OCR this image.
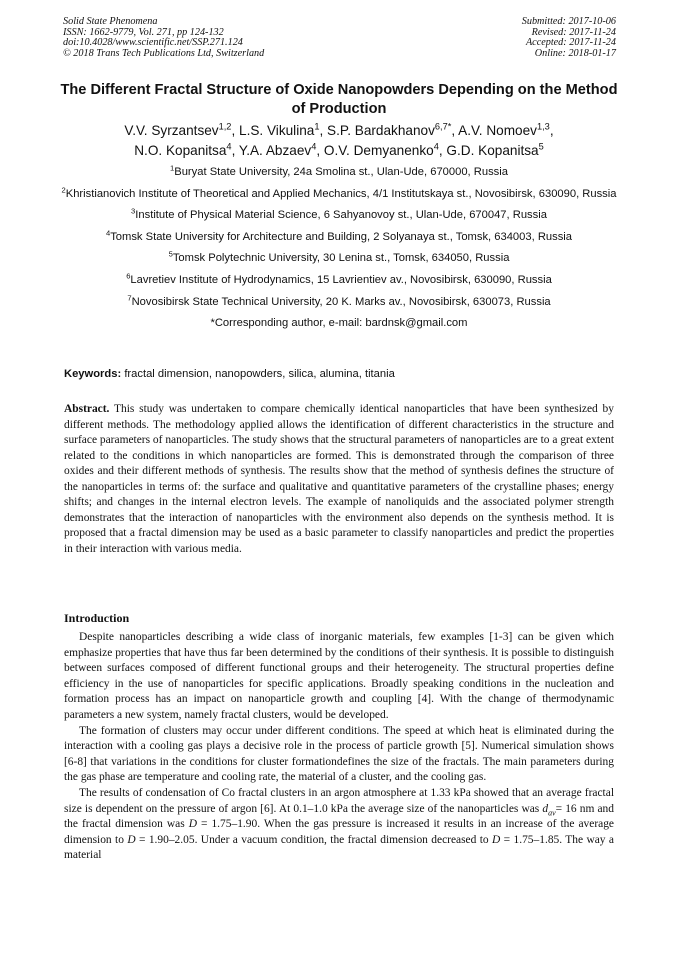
Solid State Phenomena
ISSN: 1662-9779, Vol. 271, pp 124-132
doi:10.4028/www.scientific.net/SSP.271.124
© 2018 Trans Tech Publications Ltd, Switzerland
Submitted: 2017-10-06
Revised: 2017-11-24
Accepted: 2017-11-24
Online: 2018-01-17
The Different Fractal Structure of Oxide Nanopowders Depending on the Method of Production
V.V. Syrzantsev$^{1,2}$, L.S. Vikulina$^1$, S.P. Bardakhanov$^{6,7*}$, A.V. Nomoev$^{1,3}$,
N.O. Kopanitsa$^4$, Y.A. Abzaev$^4$, O.V. Demyanenko$^4$, G.D. Kopanitsa$^5$
$^1$Buryat State University, 24a Smolina st., Ulan-Ude, 670000, Russia
$^2$Khristianovich Institute of Theoretical and Applied Mechanics, 4/1 Institutskaya st., Novosibirsk, 630090, Russia
$^3$Institute of Physical Material Science, 6 Sahyanovoy st., Ulan-Ude, 670047, Russia
$^4$Tomsk State University for Architecture and Building, 2 Solyanaya st., Tomsk, 634003, Russia
$^5$Tomsk Polytechnic University, 30 Lenina st., Tomsk, 634050, Russia
$^6$Lavretiev Institute of Hydrodynamics, 15 Lavrientiev av., Novosibirsk, 630090, Russia
$^7$Novosibirsk State Technical University, 20 K. Marks av., Novosibirsk, 630073, Russia
*Corresponding author, e-mail: bardnsk@gmail.com
Keywords: fractal dimension, nanopowders, silica, alumina, titania
Abstract. This study was undertaken to compare chemically identical nanoparticles that have been synthesized by different methods. The methodology applied allows the identification of different characteristics in the structure and surface parameters of nanoparticles. The study shows that the structural parameters of nanoparticles are to a great extent related to the conditions in which nanoparticles are formed. This is demonstrated through the comparison of three oxides and their different methods of synthesis. The results show that the method of synthesis defines the structure of the nanoparticles in terms of: the surface and qualitative and quantitative parameters of the crystalline phases; energy shifts; and changes in the internal electron levels. The example of nanoliquids and the associated polymer strength demonstrates that the interaction of nanoparticles with the environment also depends on the synthesis method. It is proposed that a fractal dimension may be used as a basic parameter to classify nanoparticles and predict the properties in their interaction with various media.
Introduction

Despite nanoparticles describing a wide class of inorganic materials, few examples [1-3] can be given which emphasize properties that have thus far been determined by the conditions of their synthesis. It is possible to distinguish between surfaces composed of different functional groups and their heterogeneity. The structural properties define efficiency in the use of nanoparticles for specific applications. Broadly speaking conditions in the nucleation and formation process has an impact on nanoparticle growth and coupling [4]. With the change of thermodynamic parameters a new system, namely fractal clusters, would be developed.

The formation of clusters may occur under different conditions. The speed at which heat is eliminated during the interaction with a cooling gas plays a decisive role in the process of particle growth [5]. Numerical simulation shows [6-8] that variations in the conditions for cluster formationdefines the size of the fractals. The main parameters during the gas phase are temperature and cooling rate, the material of a cluster, and the cooling gas.

The results of condensation of Co fractal clusters in an argon atmosphere at 1.33 kPa showed that an average fractal size is dependent on the pressure of argon [6]. At 0.1–1.0 kPa the average size of the nanoparticles was $d_{av}= 16$ nm and the fractal dimension was D = 1.75–1.90. When the gas pressure is increased it results in an increase of the average dimension to D = 1.90–2.05. Under a vacuum condition, the fractal dimension decreased to D = 1.75–1.85. The way a material
